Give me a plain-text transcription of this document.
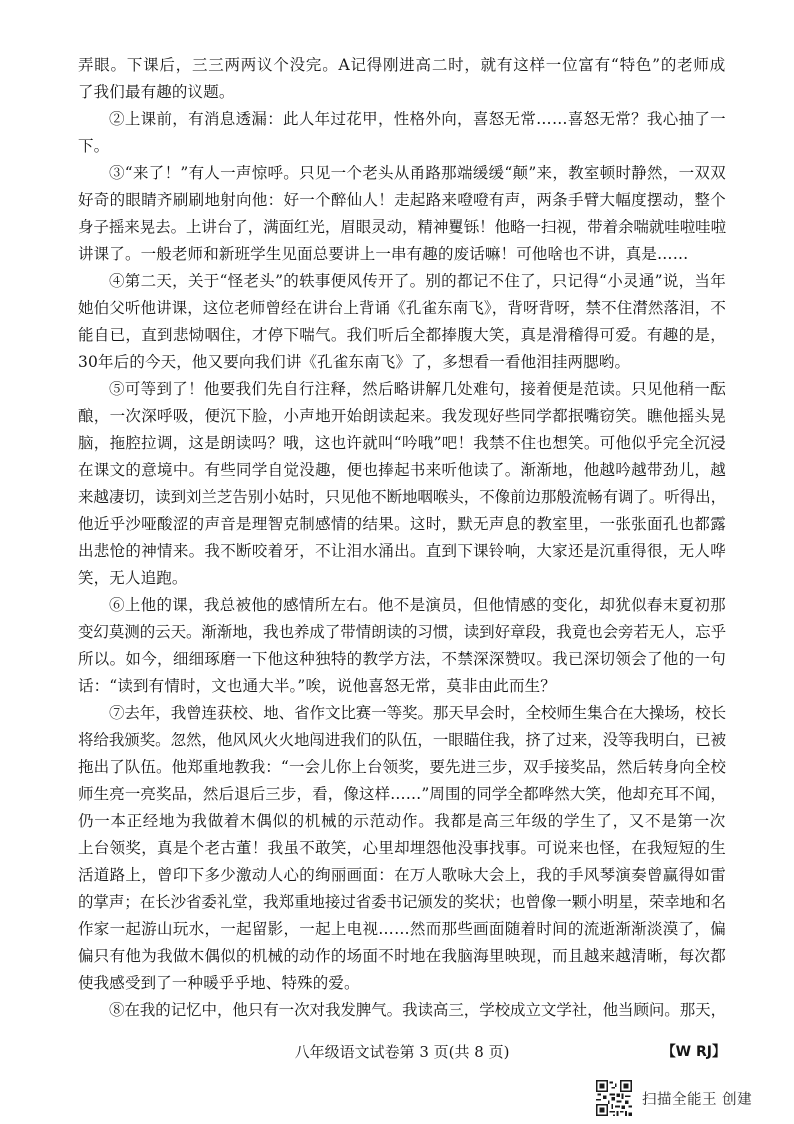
弄眼。下课后，三三两两议个没完。A记得刚进高二时，就有这样一位富有“特色”的老师成
了我们最有趣的议题。
②上课前，有消息透漏：此人年过花甲，性格外向，喜怒无常……喜怒无常？我心抽了一
下。
③“来了！”有人一声惊呼。只见一个老头从甬路那端缓缓“颠”来，教室顿时静然，一双双
好奇的眼睛齐刷刷地射向他：好一个醉仙人！走起路来噔噔有声，两条手臂大幅度摆动，整个
身子摇来晃去。上讲台了，满面红光，眉眼灵动，精神矍铄！他略一扫视，带着余喘就哇啦哇啦
讲课了。一般老师和新班学生见面总要讲上一串有趣的废话嘛！可他啥也不讲，真是……
④第二天，关于“怪老头”的轶事便风传开了。别的都记不住了，只记得“小灵通”说，当年
她伯父听他讲课，这位老师曾经在讲台上背诵《孔雀东南飞》，背呀背呀，禁不住潸然落泪，不
能自已，直到悲恸咽住，才停下喘气。我们听后全都捧腹大笑，真是滑稽得可爱。有趣的是，
30年后的今天，他又要向我们讲《孔雀东南飞》了，多想看一看他泪挂两腮哟。
⑤可等到了！他要我们先自行注释，然后略讲解几处难句，接着便是范读。只见他稍一酝
酿，一次深呼吸，便沉下脸，小声地开始朗读起来。我发现好些同学都抿嘴窃笑。瞧他摇头晃
脑，拖腔拉调，这是朗读吗？哦，这也许就叫“吟哦”吧！我禁不住也想笑。可他似乎完全沉浸
在课文的意境中。有些同学自觉没趣，便也捧起书来听他读了。渐渐地，他越吟越带劲儿，越
来越凄切，读到刘兰芝告别小姑时，只见他不断地咽喉头，不像前边那般流畅有调了。听得出，
他近乎沙哑酸涩的声音是理智克制感情的结果。这时，默无声息的教室里，一张张面孔也都露
出悲怆的神情来。我不断咬着牙，不让泪水涌出。直到下课铃响，大家还是沉重得很，无人哗
笑，无人追跑。
⑥上他的课，我总被他的感情所左右。他不是演员，但他情感的变化，却犹似春末夏初那
变幻莫测的云天。渐渐地，我也养成了带情朗读的习惯，读到好章段，我竟也会旁若无人，忘乎
所以。如今，细细琢磨一下他这种独特的教学方法，不禁深深赞叹。我已深切领会了他的一句
话：“读到有情时，文也通大半。”唉，说他喜怒无常，莫非由此而生？
⑦去年，我曾连获校、地、省作文比赛一等奖。那天早会时，全校师生集合在大操场，校长
将给我颁奖。忽然，他风风火火地闯进我们的队伍，一眼瞄住我，挤了过来，没等我明白，已被
拖出了队伍。他郑重地教我：“一会儿你上台领奖，要先进三步，双手接奖品，然后转身向全校
师生亮一亮奖品，然后退后三步，看，像这样……”周围的同学全都哗然大笑，他却充耳不闻，
仍一本正经地为我做着木偶似的机械的示范动作。我都是高三年级的学生了，又不是第一次
上台领奖，真是个老古董！我虽不敢笑，心里却埋怨他没事找事。可说来也怪，在我短短的生
活道路上，曾印下多少激动人心的绚丽画面：在万人歌咏大会上，我的手风琴演奏曾赢得如雷
的掌声；在长沙省委礼堂，我郑重地接过省委书记颁发的奖状；也曾像一颗小明星，荣幸地和名
作家一起游山玩水，一起留影，一起上电视……然而那些画面随着时间的流逝渐渐淡漠了，偏
偏只有他为我做木偶似的机械的动作的场面不时地在我脑海里映现，而且越来越清晰，每次都
使我感受到了一种暖乎乎地、特殊的爱。
⑧在我的记忆中，他只有一次对我发脾气。我读高三，学校成立文学社，他当顾问。那天，
八年级语文试卷第 3 页(共 8 页)	【W RJ】
扫描全能王 创建
